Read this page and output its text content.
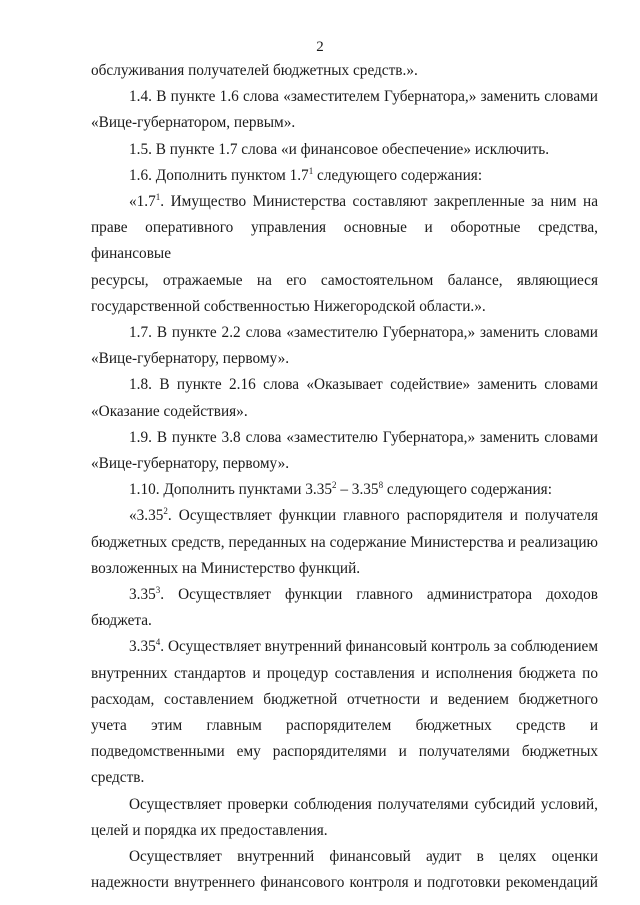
2

обслуживания получателей бюджетных средств.».

1.4. В пункте 1.6 слова «заместителем Губернатора,» заменить словами

«Вице-губернатором, первым».

1.5. В пункте 1.7 слова «и финансовое обеспечение» исключить.

1.6. Дополнить пунктом $1.7^1$ следующего содержания:

«$1.7^1$. Имущество Министерства составляют закрепленные за ним на

праве оперативного управления основные и оборотные средства, финансовые

ресурсы, отражаемые на его самостоятельном балансе, являющиеся

государственной собственностью Нижегородской области.».

1.7. В пункте 2.2 слова «заместителю Губернатора,» заменить словами

«Вице-губернатору, первому».

1.8. В пункте 2.16 слова «Оказывает содействие» заменить словами

«Оказание содействия».

1.9. В пункте 3.8 слова «заместителю Губернатора,» заменить словами

«Вице-губернатору, первому».

1.10. Дополнить пунктами 3.35$^2$ – 3.35$^8$ следующего содержания:

«3.35$^2$. Осуществляет функции главного распорядителя и получателя

бюджетных средств, переданных на содержание Министерства и реализацию

возложенных на Министерство функций.

3.35$^3$. Осуществляет функции главного администратора доходов

бюджета.

3.35$^4$. Осуществляет внутренний финансовый контроль за соблюдением

внутренних стандартов и процедур составления и исполнения бюджета по

расходам, составлением бюджетной отчетности и ведением бюджетного

учета этим главным распорядителем бюджетных средств и

подведомственными ему распорядителями и получателями бюджетных

средств.

Осуществляет проверки соблюдения получателями субсидий условий,

целей и порядка их предоставления.

Осуществляет внутренний финансовый аудит в целях оценки

надежности внутреннего финансового контроля и подготовки рекомендаций
